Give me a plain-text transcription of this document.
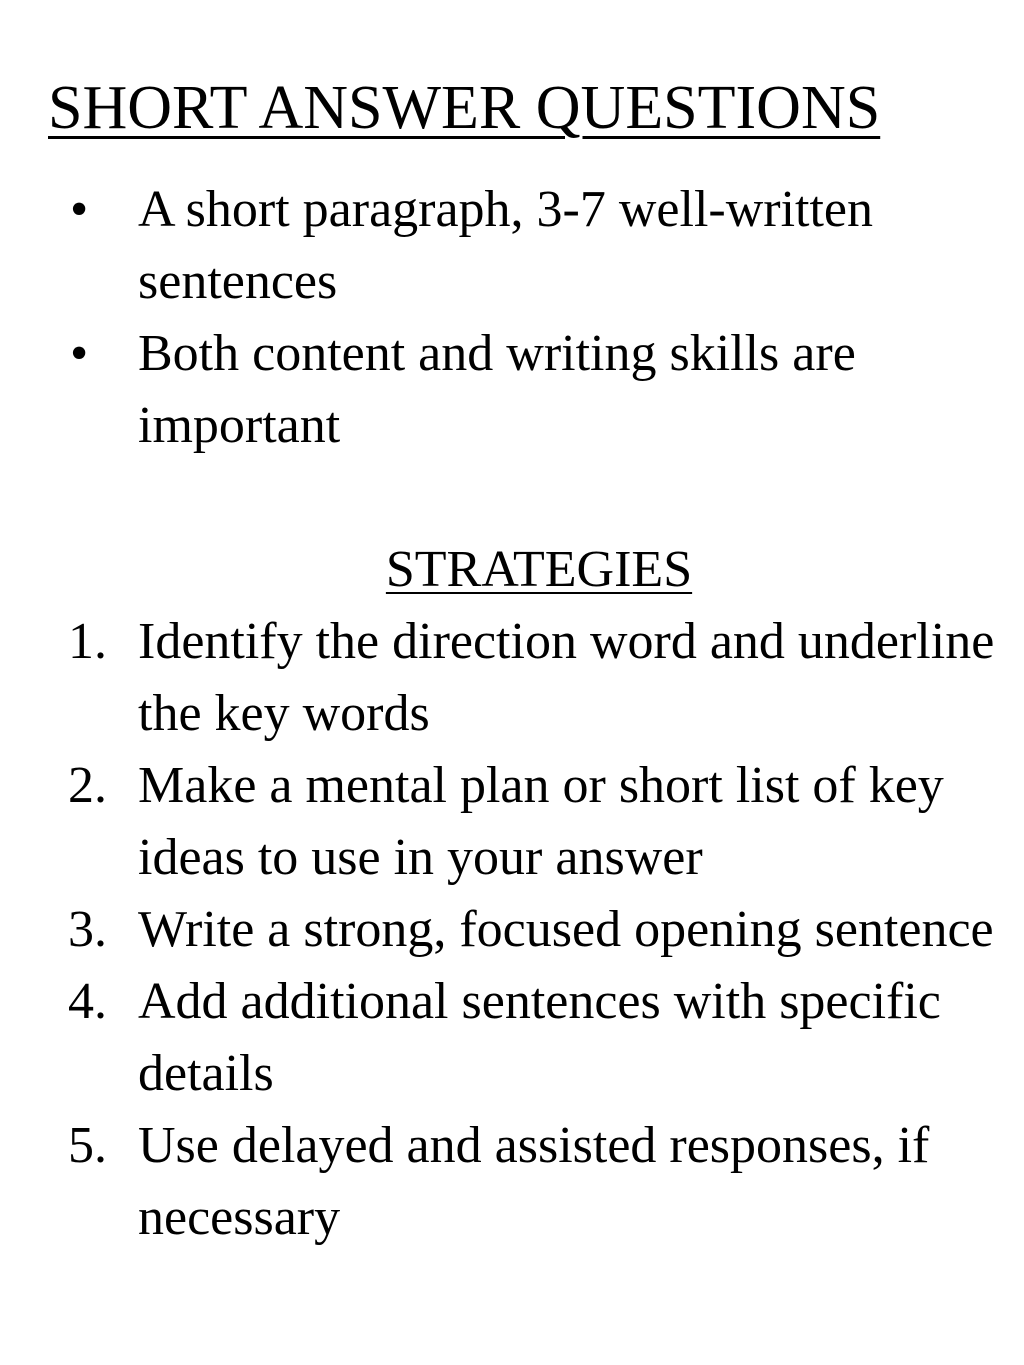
SHORT ANSWER QUESTIONS
• A short paragraph, 3-7 well-written sentences
• Both content and writing skills are important
STRATEGIES
1. Identify the direction word and underline the key words
2. Make a mental plan or short list of key ideas to use in your answer
3. Write a strong, focused opening sentence
4. Add additional sentences with specific details
5. Use delayed and assisted responses, if necessary
